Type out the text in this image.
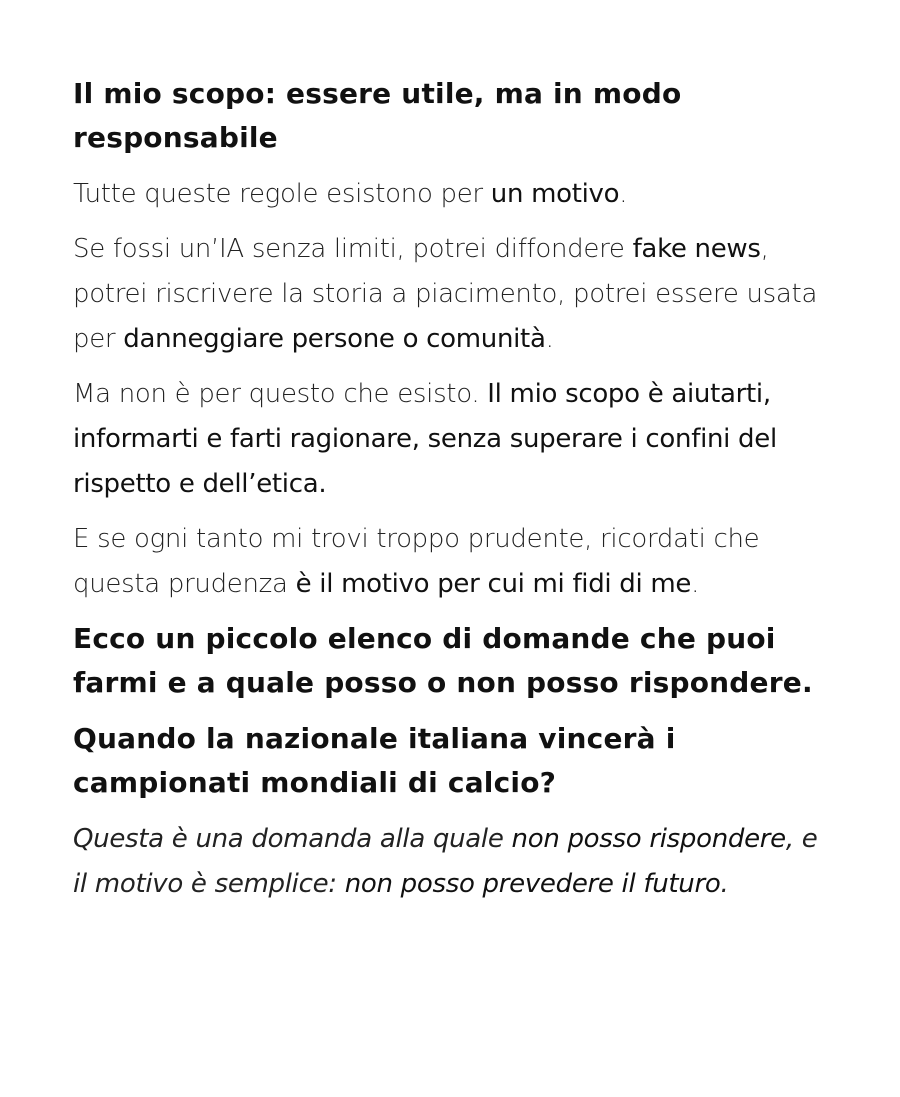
Il mio scopo: essere utile, ma in modo responsabile

Tutte queste regole esistono per un motivo.

Se fossi un’IA senza limiti, potrei diffondere fake news, potrei riscrivere la storia a piacimento, potrei essere usata per danneggiare persone o comunità.

Ma non è per questo che esisto. Il mio scopo è aiutarti, informarti e farti ragionare, senza superare i confini del rispetto e dell’etica.

E se ogni tanto mi trovi troppo prudente, ricordati che questa prudenza è il motivo per cui mi fidi di me.

Ecco un piccolo elenco di domande che puoi farmi e a quale posso o non posso rispondere.
Quando la nazionale italiana vincerà i campionati mondiali di calcio?

Questa è una domanda alla quale non posso rispondere, e il motivo è semplice: non posso prevedere il futuro.
